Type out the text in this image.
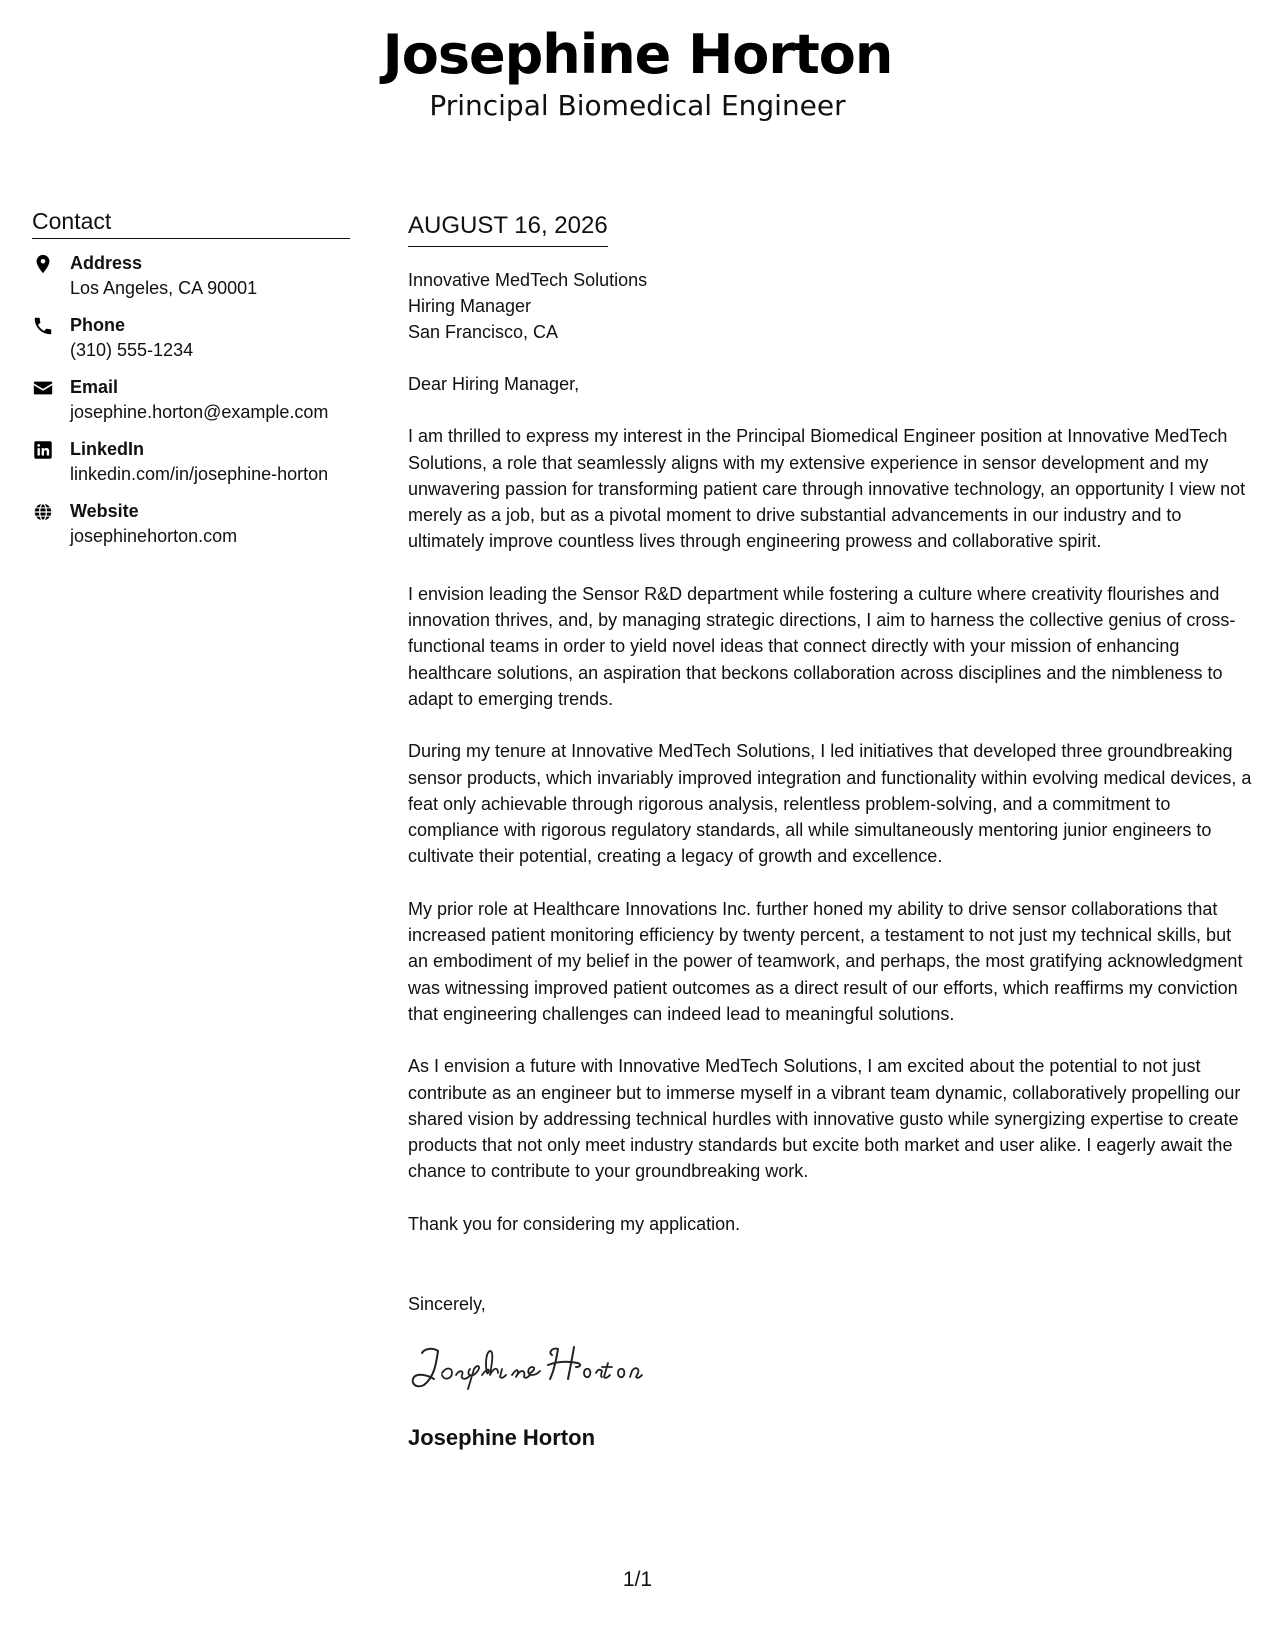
Josephine Horton
Principal Biomedical Engineer
Contact
Address
Los Angeles, CA 90001
Phone
(310) 555-1234
Email
josephine.horton@example.com
LinkedIn
linkedin.com/in/josephine-horton
Website
josephinehorton.com
AUGUST 16, 2026
Innovative MedTech Solutions
Hiring Manager
San Francisco, CA
Dear Hiring Manager,
I am thrilled to express my interest in the Principal Biomedical Engineer position at Innovative MedTech Solutions, a role that seamlessly aligns with my extensive experience in sensor development and my unwavering passion for transforming patient care through innovative technology, an opportunity I view not merely as a job, but as a pivotal moment to drive substantial advancements in our industry and to ultimately improve countless lives through engineering prowess and collaborative spirit.
I envision leading the Sensor R&D department while fostering a culture where creativity flourishes and innovation thrives, and, by managing strategic directions, I aim to harness the collective genius of cross-functional teams in order to yield novel ideas that connect directly with your mission of enhancing healthcare solutions, an aspiration that beckons collaboration across disciplines and the nimbleness to adapt to emerging trends.
During my tenure at Innovative MedTech Solutions, I led initiatives that developed three groundbreaking sensor products, which invariably improved integration and functionality within evolving medical devices, a feat only achievable through rigorous analysis, relentless problem-solving, and a commitment to compliance with rigorous regulatory standards, all while simultaneously mentoring junior engineers to cultivate their potential, creating a legacy of growth and excellence.
My prior role at Healthcare Innovations Inc. further honed my ability to drive sensor collaborations that increased patient monitoring efficiency by twenty percent, a testament to not just my technical skills, but an embodiment of my belief in the power of teamwork, and perhaps, the most gratifying acknowledgment was witnessing improved patient outcomes as a direct result of our efforts, which reaffirms my conviction that engineering challenges can indeed lead to meaningful solutions.
As I envision a future with Innovative MedTech Solutions, I am excited about the potential to not just contribute as an engineer but to immerse myself in a vibrant team dynamic, collaboratively propelling our shared vision by addressing technical hurdles with innovative gusto while synergizing expertise to create products that not only meet industry standards but excite both market and user alike. I eagerly await the chance to contribute to your groundbreaking work.
Thank you for considering my application.
Sincerely,
Josephine Horton
1/1
